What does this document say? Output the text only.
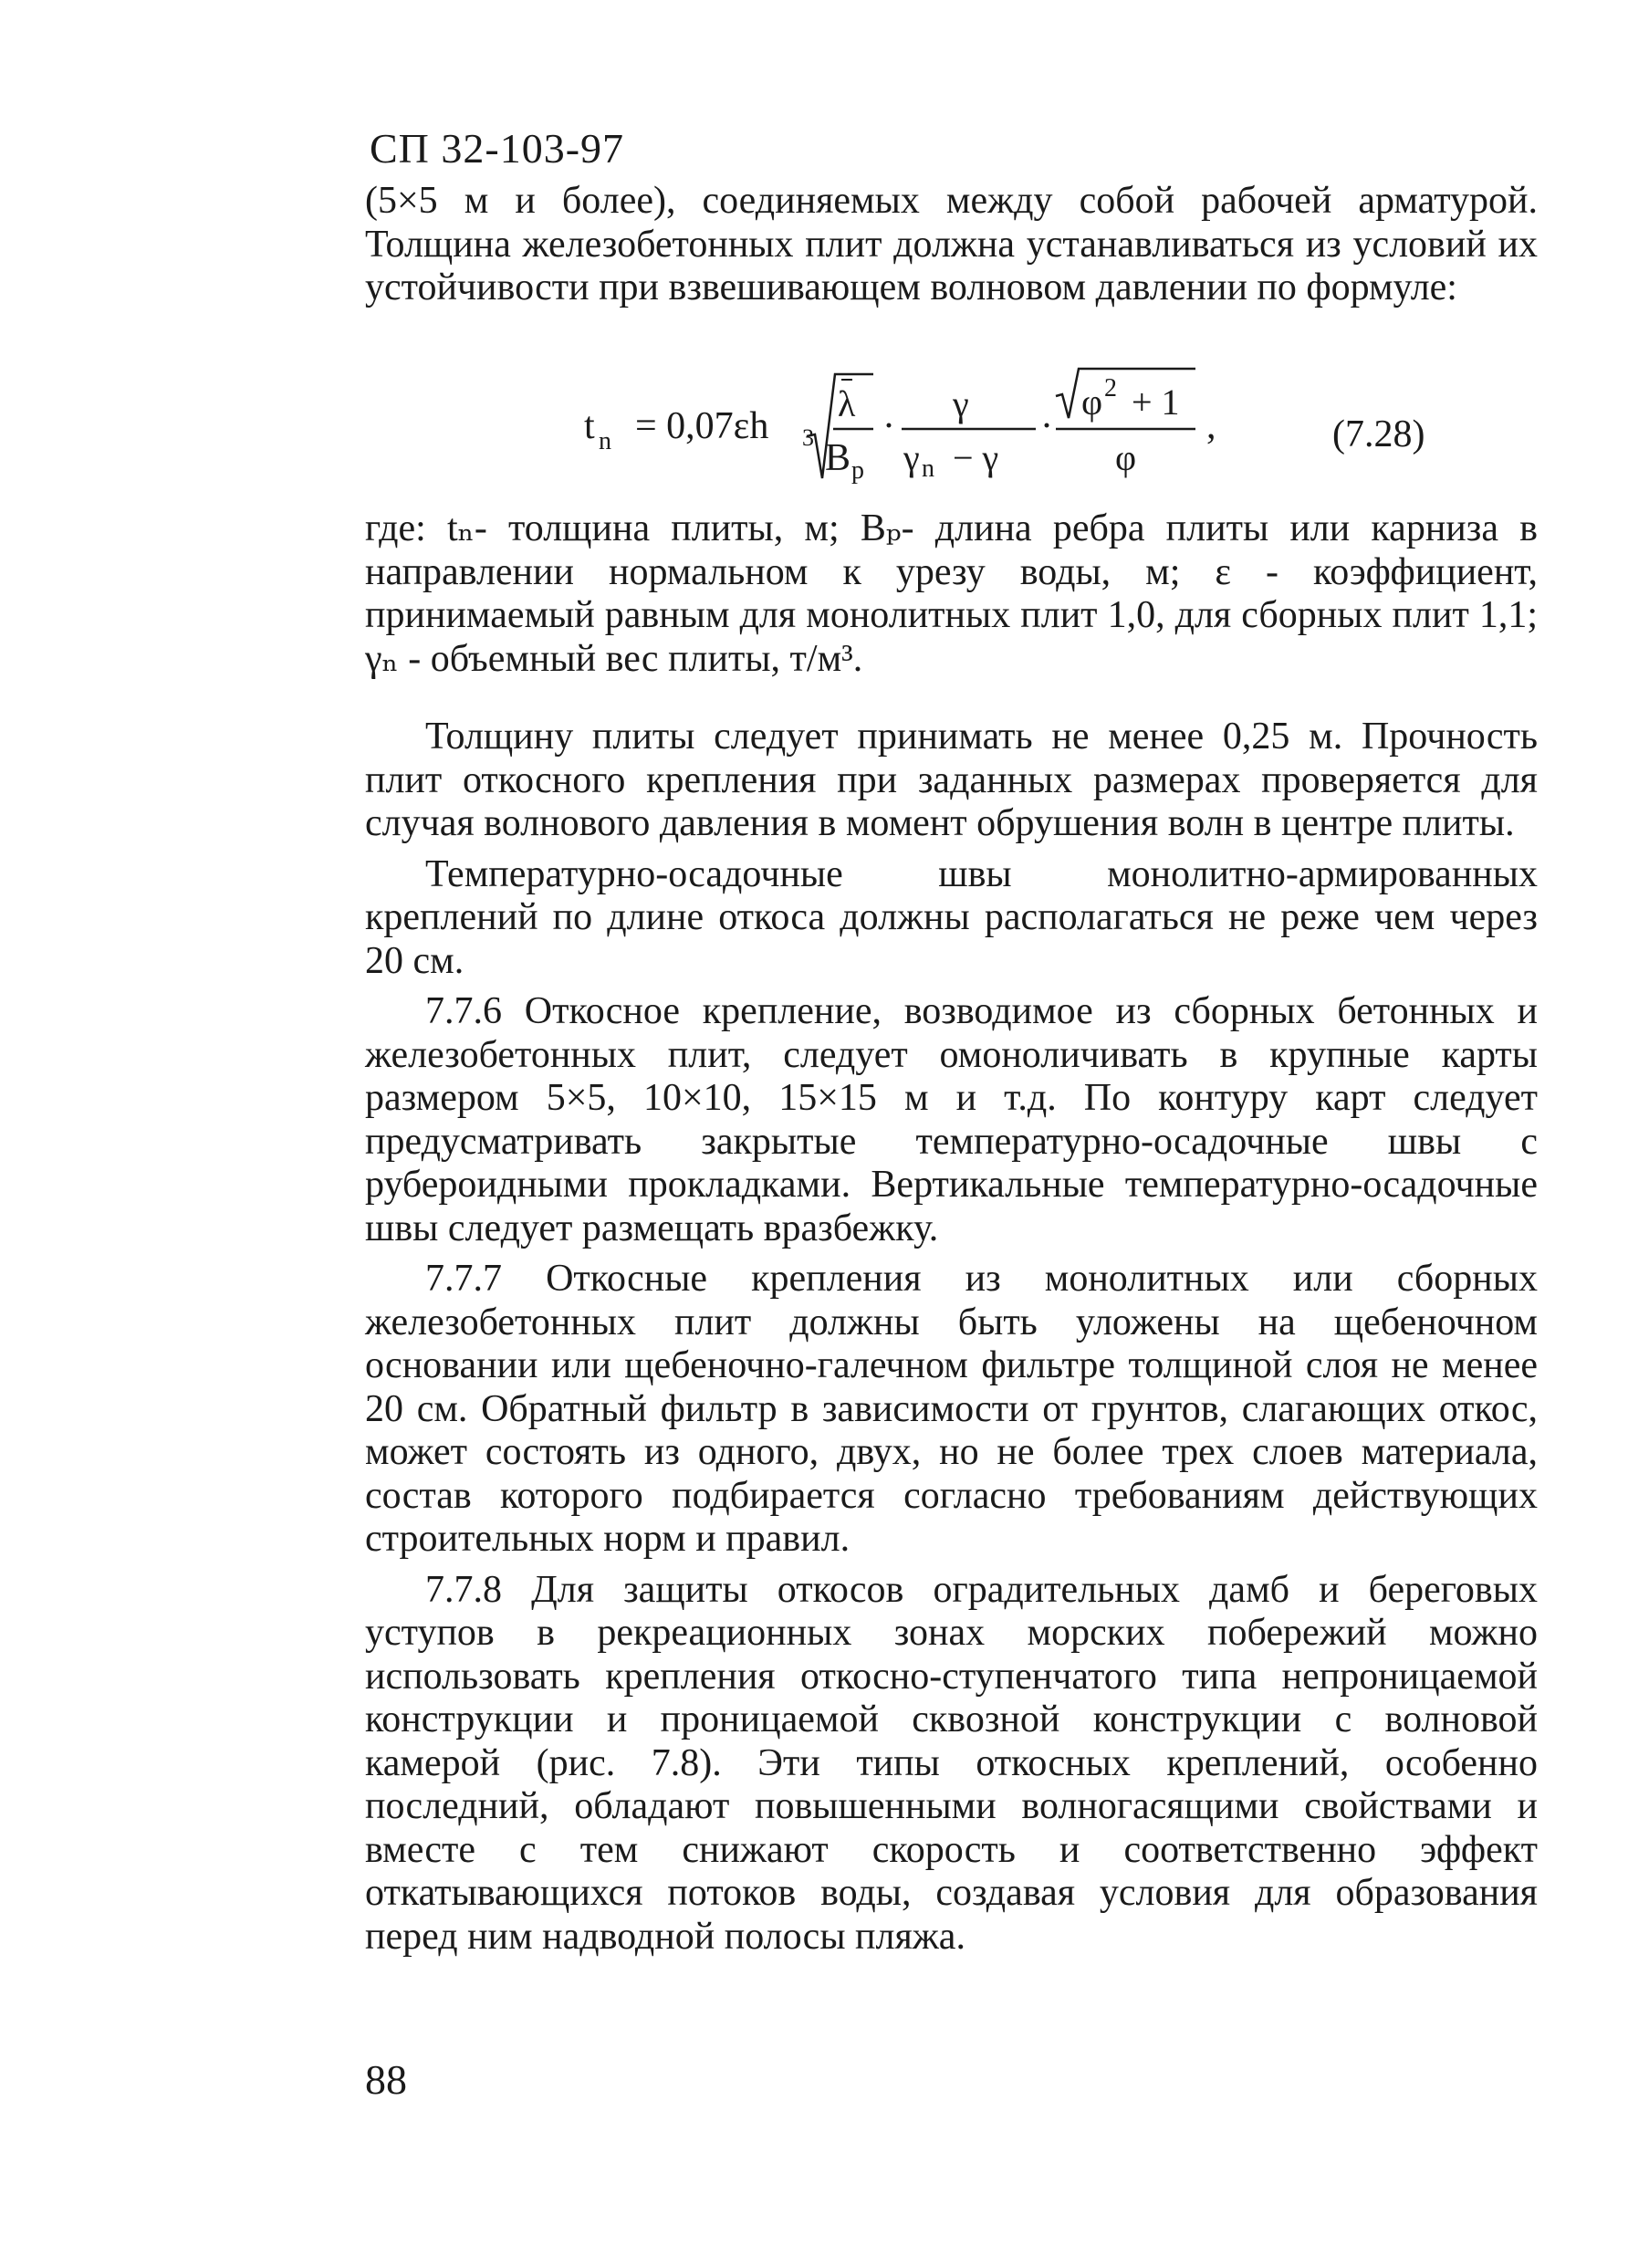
СП 32-103-97

(5×5 м и более), соединяемых между собой рабочей арматурой. Толщина железобетонных плит должна устанавливаться из условий их устойчивости при взвешивающем волновом давлении по формуле:

t n = 0,07εh 3
λ
B p
·
γ
γ n − γ
·
φ 2 + 1
φ
,	(7.28)

где: tₙ- толщина плиты, м; Bₚ- длина ребра плиты или карниза в направлении нормальном к урезу воды, м; ε - коэффициент, принимаемый равным для монолитных плит 1,0, для сборных плит 1,1; γₙ - объемный вес плиты, т/м³.

Толщину плиты следует принимать не менее 0,25 м. Прочность плит откосного крепления при заданных размерах проверяется для случая волнового давления в момент обрушения волн в центре плиты.

Температурно-осадочные швы монолитно-армированных креплений по длине откоса должны располагаться не реже чем через 20 см.

7.7.6 Откосное крепление, возводимое из сборных бетонных и железобетонных плит, следует омоноличивать в крупные карты размером 5×5, 10×10, 15×15 м и т.д. По контуру карт следует предусматривать закрытые температурно-осадочные швы с рубероидными прокладками. Вертикальные температурно-осадочные швы следует размещать вразбежку.

7.7.7 Откосные крепления из монолитных или сборных железобетонных плит должны быть уложены на щебеночном основании или щебеночно-галечном фильтре толщиной слоя не менее 20 см. Обратный фильтр в зависимости от грунтов, слагающих откос, может состоять из одного, двух, но не более трех слоев материала, состав которого подбирается согласно требованиям действующих строительных норм и правил.

7.7.8 Для защиты откосов оградительных дамб и береговых уступов в рекреационных зонах морских побережий можно использовать крепления откосно-ступенчатого типа непроницаемой конструкции и проницаемой сквозной конструкции с волновой камерой (рис. 7.8). Эти типы откосных креплений, особенно последний, обладают повышенными волногасящими свойствами и вместе с тем снижают скорость и соответственно эффект откатывающихся потоков воды, создавая условия для образования перед ним надводной полосы пляжа.

88
